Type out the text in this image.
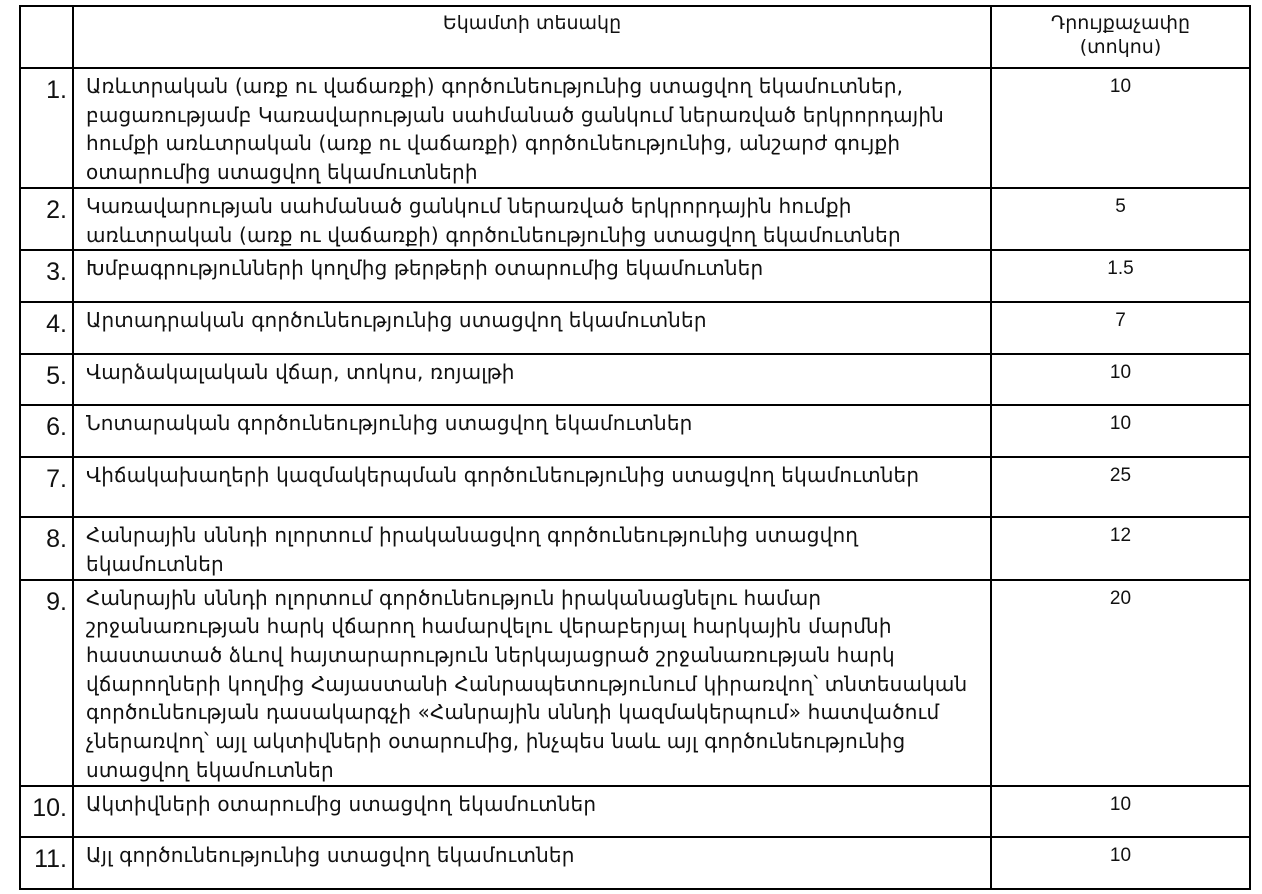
	Եկամտի տեսակը	Դրույքաչափը
(տոկոս)
1.	Առևտրական (առք ու վաճառքի) գործունեությունից ստացվող եկամուտներ, բացառությամբ Կառավարության սահմանած ցանկում ներառված երկրորդային հումքի առևտրական (առք ու վաճառքի) գործունեությունից, անշարժ գույքի օտարումից ստացվող եկամուտների	10
2.	Կառավարության սահմանած ցանկում ներառված երկրորդային հումքի առևտրական (առք ու վաճառքի) գործունեությունից ստացվող եկամուտներ	5
3.	Խմբագրությունների կողմից թերթերի օտարումից եկամուտներ	1.5
4.	Արտադրական գործունեությունից ստացվող եկամուտներ	7
5.	Վարձակալական վճար, տոկոս, ռոյալթի	10
6.	Նոտարական գործունեությունից ստացվող եկամուտներ	10
7.	Վիճակախաղերի կազմակերպման գործունեությունից ստացվող եկամուտներ	25
8.	Հանրային սննդի ոլորտում իրականացվող գործունեությունից ստացվող եկամուտներ	12
9.	Հանրային սննդի ոլորտում գործունեություն իրականացնելու համար շրջանառության հարկ վճարող համարվելու վերաբերյալ հարկային մարմնի հաստատած ձևով հայտարարություն ներկայացրած շրջանառության հարկ վճարողների կողմից Հայաստանի Հանրապետությունում կիրառվող՝ տնտեսական գործունեության դասակարգչի «Հանրային սննդի կազմակերպում» հատվածում չներառվող՝ այլ ակտիվների օտարումից, ինչպես նաև այլ գործունեությունից ստացվող եկամուտներ	20
10.	Ակտիվների օտարումից ստացվող եկամուտներ	10
11.	Այլ գործունեությունից ստացվող եկամուտներ	10
